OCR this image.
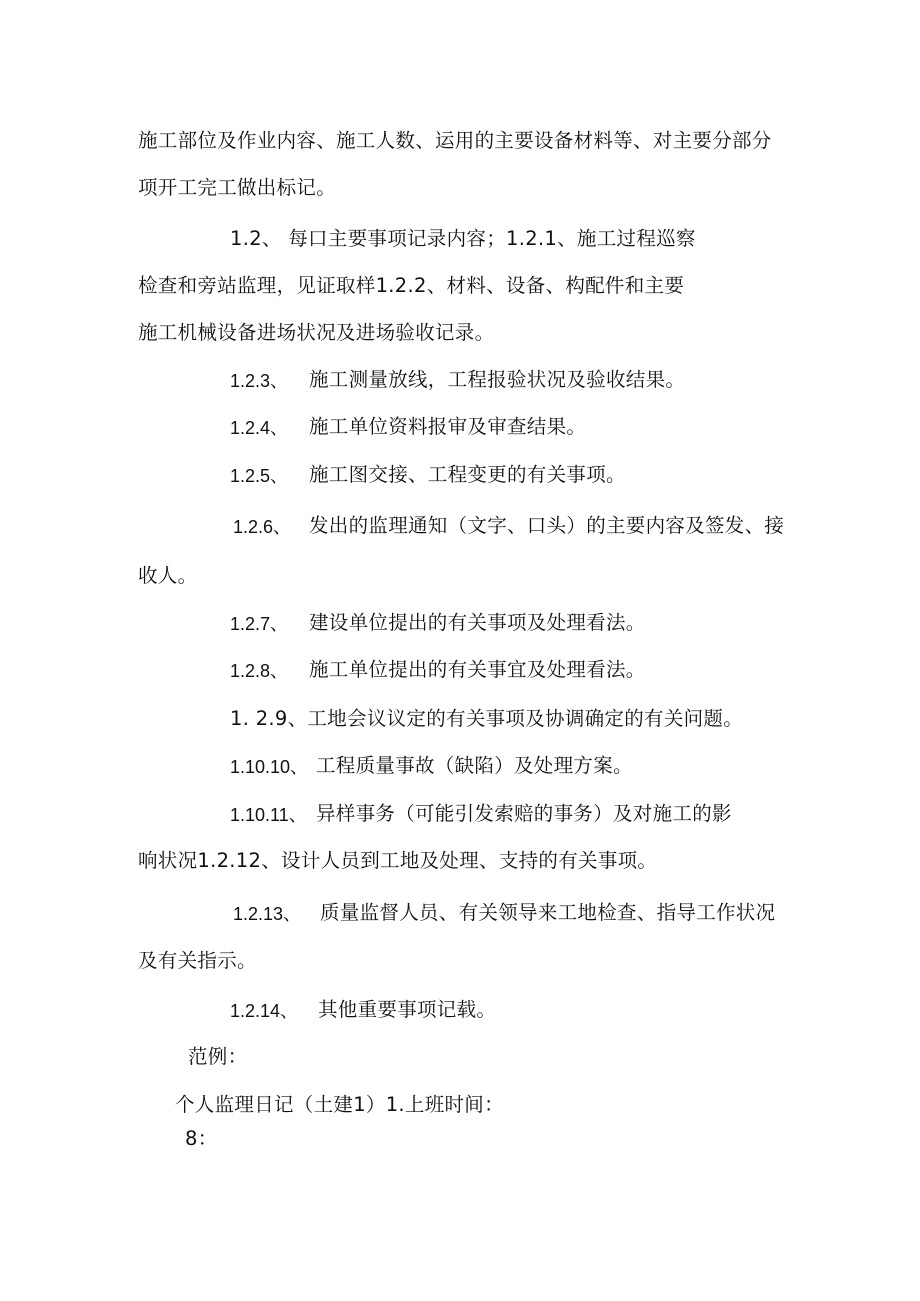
施工部位及作业内容、施工人数、运用的主要设备材料等、对主要分部分

项开工完工做出标记。

1.2、 每口主要事项记录内容；1.2.1、施工过程巡察

检查和旁站监理，见证取样1.2.2、材料、设备、构配件和主要

施工机械设备进场状况及进场验收记录。

1.2.3、 施工测量放线，工程报验状况及验收结果。

1.2.4、 施工单位资料报审及审查结果。

1.2.5、 施工图交接、工程变更的有关事项。

1.2.6、 发出的监理通知（文字、口头）的主要内容及签发、接

收人。

1.2.7、 建设单位提出的有关事项及处理看法。

1.2.8、 施工单位提出的有关事宜及处理看法。

1. 2.9、工地会议议定的有关事项及协调确定的有关问题。

1.10.10、 工程质量事故（缺陷）及处理方案。

1.10.11、 异样事务（可能引发索赔的事务）及对施工的影

响状况1.2.12、设计人员到工地及处理、支持的有关事项。

1.2.13、 质量监督人员、有关领导来工地检查、指导工作状况

及有关指示。

1.2.14、 其他重要事项记载。

范例：

个人监理日记（土建1）1.上班时间：

8：
